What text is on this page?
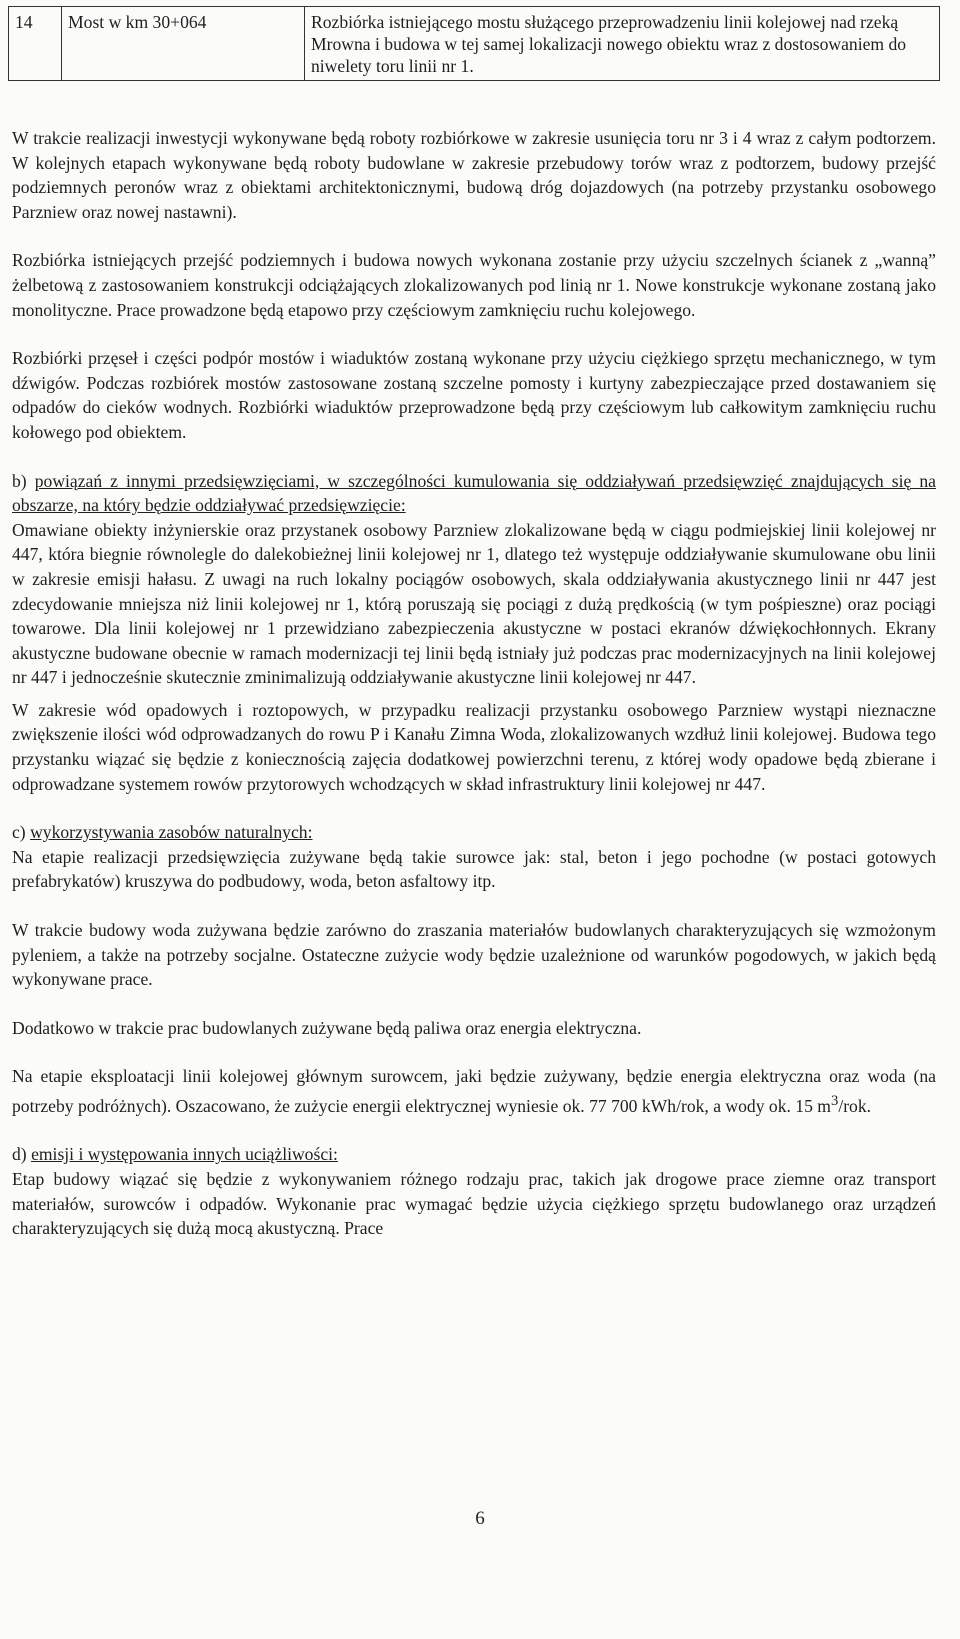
14	Most w km 30+064	Rozbiórka istniejącego mostu służącego przeprowadzeniu linii kolejowej nad rzeką Mrowna i budowa w tej samej lokalizacji nowego obiektu wraz z dostosowaniem do niwelety toru linii nr 1.

W trakcie realizacji inwestycji wykonywane będą roboty rozbiórkowe w zakresie usunięcia toru nr 3 i 4 wraz z całym podtorzem. W kolejnych etapach wykonywane będą roboty budowlane w zakresie przebudowy torów wraz z podtorzem, budowy przejść podziemnych peronów wraz z obiektami architektonicznymi, budową dróg dojazdowych (na potrzeby przystanku osobowego Parzniew oraz nowej nastawni).

Rozbiórka istniejących przejść podziemnych i budowa nowych wykonana zostanie przy użyciu szczelnych ścianek z „wanną” żelbetową z zastosowaniem konstrukcji odciążających zlokalizowanych pod linią nr 1. Nowe konstrukcje wykonane zostaną jako monolityczne. Prace prowadzone będą etapowo przy częściowym zamknięciu ruchu kolejowego.

Rozbiórki przęseł i części podpór mostów i wiaduktów zostaną wykonane przy użyciu ciężkiego sprzętu mechanicznego, w tym dźwigów. Podczas rozbiórek mostów zastosowane zostaną szczelne pomosty i kurtyny zabezpieczające przed dostawaniem się odpadów do cieków wodnych. Rozbiórki wiaduktów przeprowadzone będą przy częściowym lub całkowitym zamknięciu ruchu kołowego pod obiektem.

b) powiązań z innymi przedsięwzięciami, w szczególności kumulowania się oddziaływań przedsięwzięć znajdujących się na obszarze, na który będzie oddziaływać przedsięwzięcie:

Omawiane obiekty inżynierskie oraz przystanek osobowy Parzniew zlokalizowane będą w ciągu podmiejskiej linii kolejowej nr 447, która biegnie równolegle do dalekobieżnej linii kolejowej nr 1, dlatego też występuje oddziaływanie skumulowane obu linii w zakresie emisji hałasu. Z uwagi na ruch lokalny pociągów osobowych, skala oddziaływania akustycznego linii nr 447 jest zdecydowanie mniejsza niż linii kolejowej nr 1, którą poruszają się pociągi z dużą prędkością (w tym pośpieszne) oraz pociągi towarowe. Dla linii kolejowej nr 1 przewidziano zabezpieczenia akustyczne w postaci ekranów dźwiękochłonnych. Ekrany akustyczne budowane obecnie w ramach modernizacji tej linii będą istniały już podczas prac modernizacyjnych na linii kolejowej nr 447 i jednocześnie skutecznie zminimalizują oddziaływanie akustyczne linii kolejowej nr 447.

W zakresie wód opadowych i roztopowych, w przypadku realizacji przystanku osobowego Parzniew wystąpi nieznaczne zwiększenie ilości wód odprowadzanych do rowu P i Kanału Zimna Woda, zlokalizowanych wzdłuż linii kolejowej. Budowa tego przystanku wiązać się będzie z koniecznością zajęcia dodatkowej powierzchni terenu, z której wody opadowe będą zbierane i odprowadzane systemem rowów przytorowych wchodzących w skład infrastruktury linii kolejowej nr 447.

c) wykorzystywania zasobów naturalnych:

Na etapie realizacji przedsięwzięcia zużywane będą takie surowce jak: stal, beton i jego pochodne (w postaci gotowych prefabrykatów) kruszywa do podbudowy, woda, beton asfaltowy itp.

W trakcie budowy woda zużywana będzie zarówno do zraszania materiałów budowlanych charakteryzujących się wzmożonym pyleniem, a także na potrzeby socjalne. Ostateczne zużycie wody będzie uzależnione od warunków pogodowych, w jakich będą wykonywane prace.

Dodatkowo w trakcie prac budowlanych zużywane będą paliwa oraz energia elektryczna.

Na etapie eksploatacji linii kolejowej głównym surowcem, jaki będzie zużywany, będzie energia elektryczna oraz woda (na potrzeby podróżnych). Oszacowano, że zużycie energii elektrycznej wyniesie ok. 77 700 kWh/rok, a wody ok. 15 $m^3$/rok.

d) emisji i występowania innych uciążliwości:

Etap budowy wiązać się będzie z wykonywaniem różnego rodzaju prac, takich jak drogowe prace ziemne oraz transport materiałów, surowców i odpadów. Wykonanie prac wymagać będzie użycia ciężkiego sprzętu budowlanego oraz urządzeń charakteryzujących się dużą mocą akustyczną. Prace

6
